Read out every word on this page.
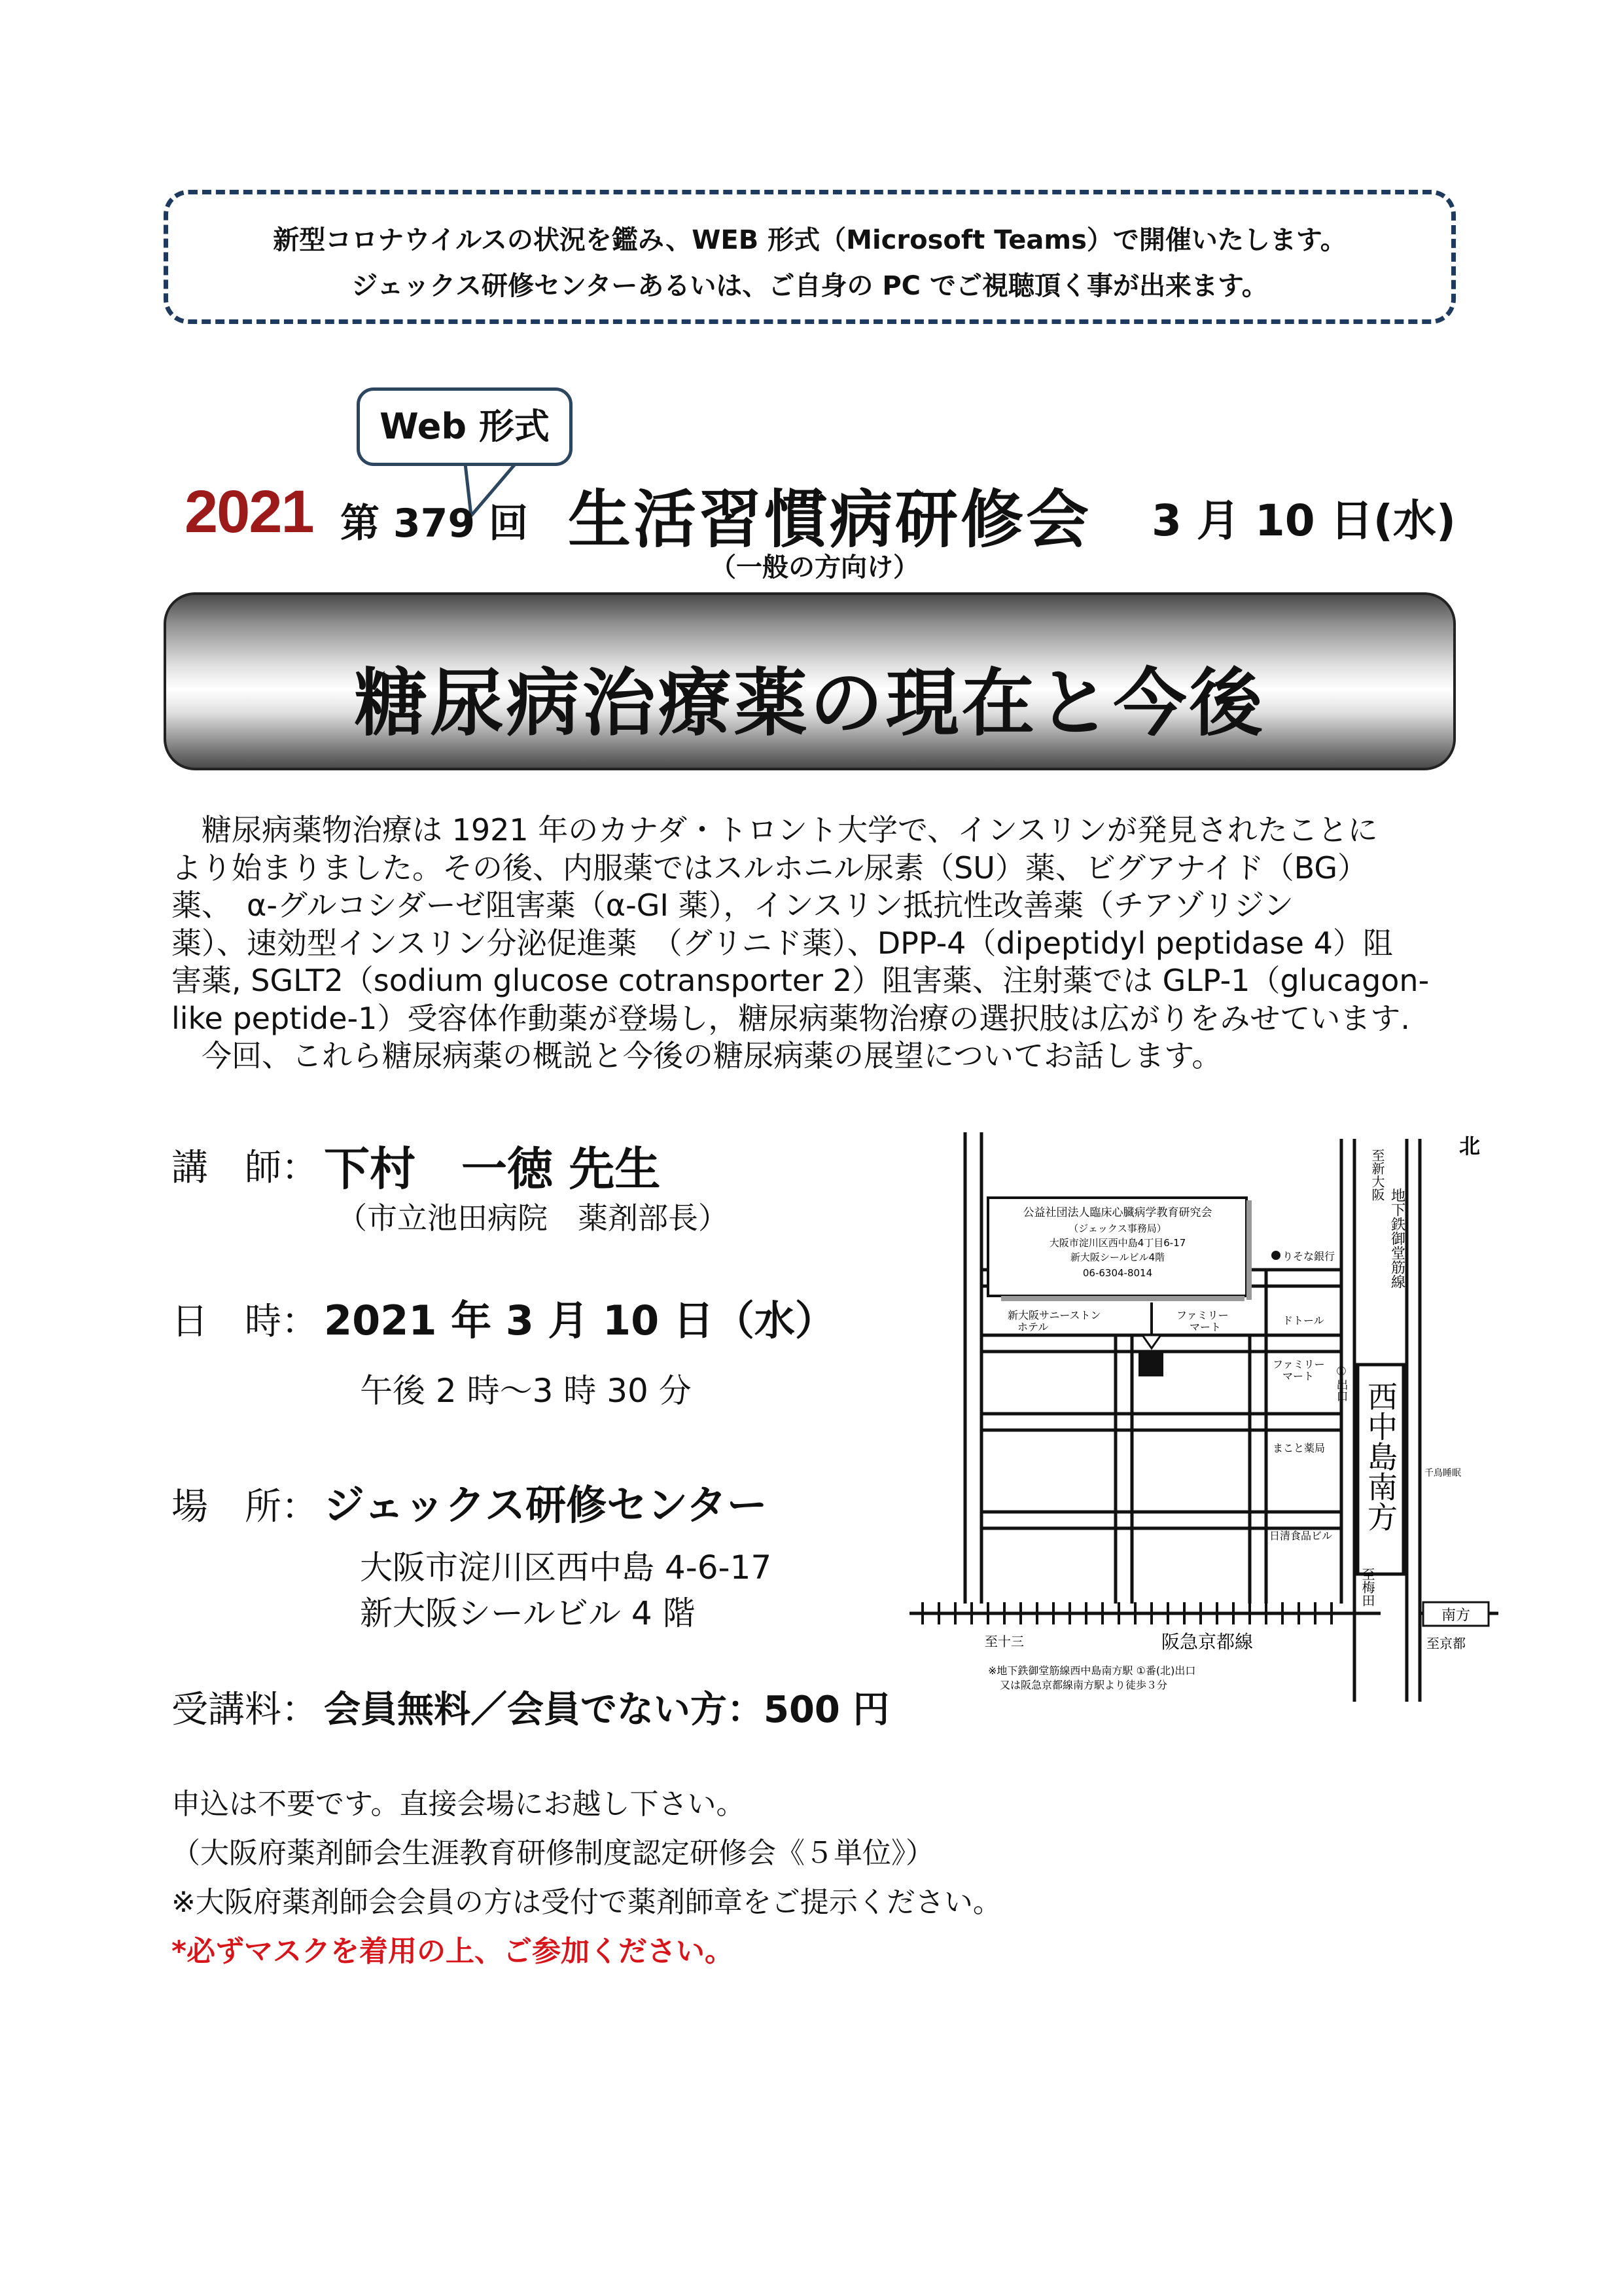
新型コロナウイルスの状況を鑑み、WEB 形式（Microsoft Teams）で開催いたします。
ジェックス研修センターあるいは、ご自身の PC でご視聴頂く事が出来ます。
Web 形式
2021 第 379 回 生活習慣病研修会 3 月 10 日(水)
（一般の方向け）
糖尿病治療薬の現在と今後

　糖尿病薬物治療は 1921 年のカナダ・トロント大学で、インスリンが発見されたことに

より始まりました。その後、内服薬ではスルホニル尿素（SU）薬、ビグアナイド（BG）

薬、　α-グルコシダーゼ阻害薬（α-GI 薬），インスリン抵抗性改善薬（チアゾリジン

薬）、速効型インスリン分泌促進薬　（グリニド薬）、DPP-4（dipeptidyl peptidase 4）阻

害薬, SGLT2（sodium glucose cotransporter 2）阻害薬、注射薬では GLP-1（glucagon-

like peptide-1）受容体作動薬が登場し，糖尿病薬物治療の選択肢は広がりをみせています.

　今回、これら糖尿病薬の概説と今後の糖尿病薬の展望についてお話します。

講　師： 下村　一徳 先生
（市立池田病院　薬剤部長）
日　時： 2021 年 3 月 10 日（水）
午後 2 時～3 時 30 分
場　所： ジェックス研修センター
大阪市淀川区西中島 4-6-17
新大阪シールビル 4 階
受講料： 会員無料／会員でない方：500 円
申込は不要です。直接会場にお越し下さい。
（大阪府薬剤師会生涯教育研修制度認定研修会《５単位》）
※大阪府薬剤師会会員の方は受付で薬剤師章をご提示ください。
*必ずマスクを着用の上、ご参加ください。
公益社団法人臨床心臓病学教育研究会
（ジェックス事務局）
大阪市淀川区西中島4丁目6-17
新大阪シールビル4階
06-6304-8014
北
至新大阪
地下鉄御堂筋線
西中島南方
①出口
至梅田
りそな銀行
新大阪サニーストン
ホテル
ファミリー
マート
ドトール
ファミリー
マート
まこと薬局
千鳥睡眠
日清食品ビル
至十三	阪急京都線
南方
至京都
※地下鉄御堂筋線西中島南方駅 ①番(北)出口
又は阪急京都線南方駅より徒歩３分
